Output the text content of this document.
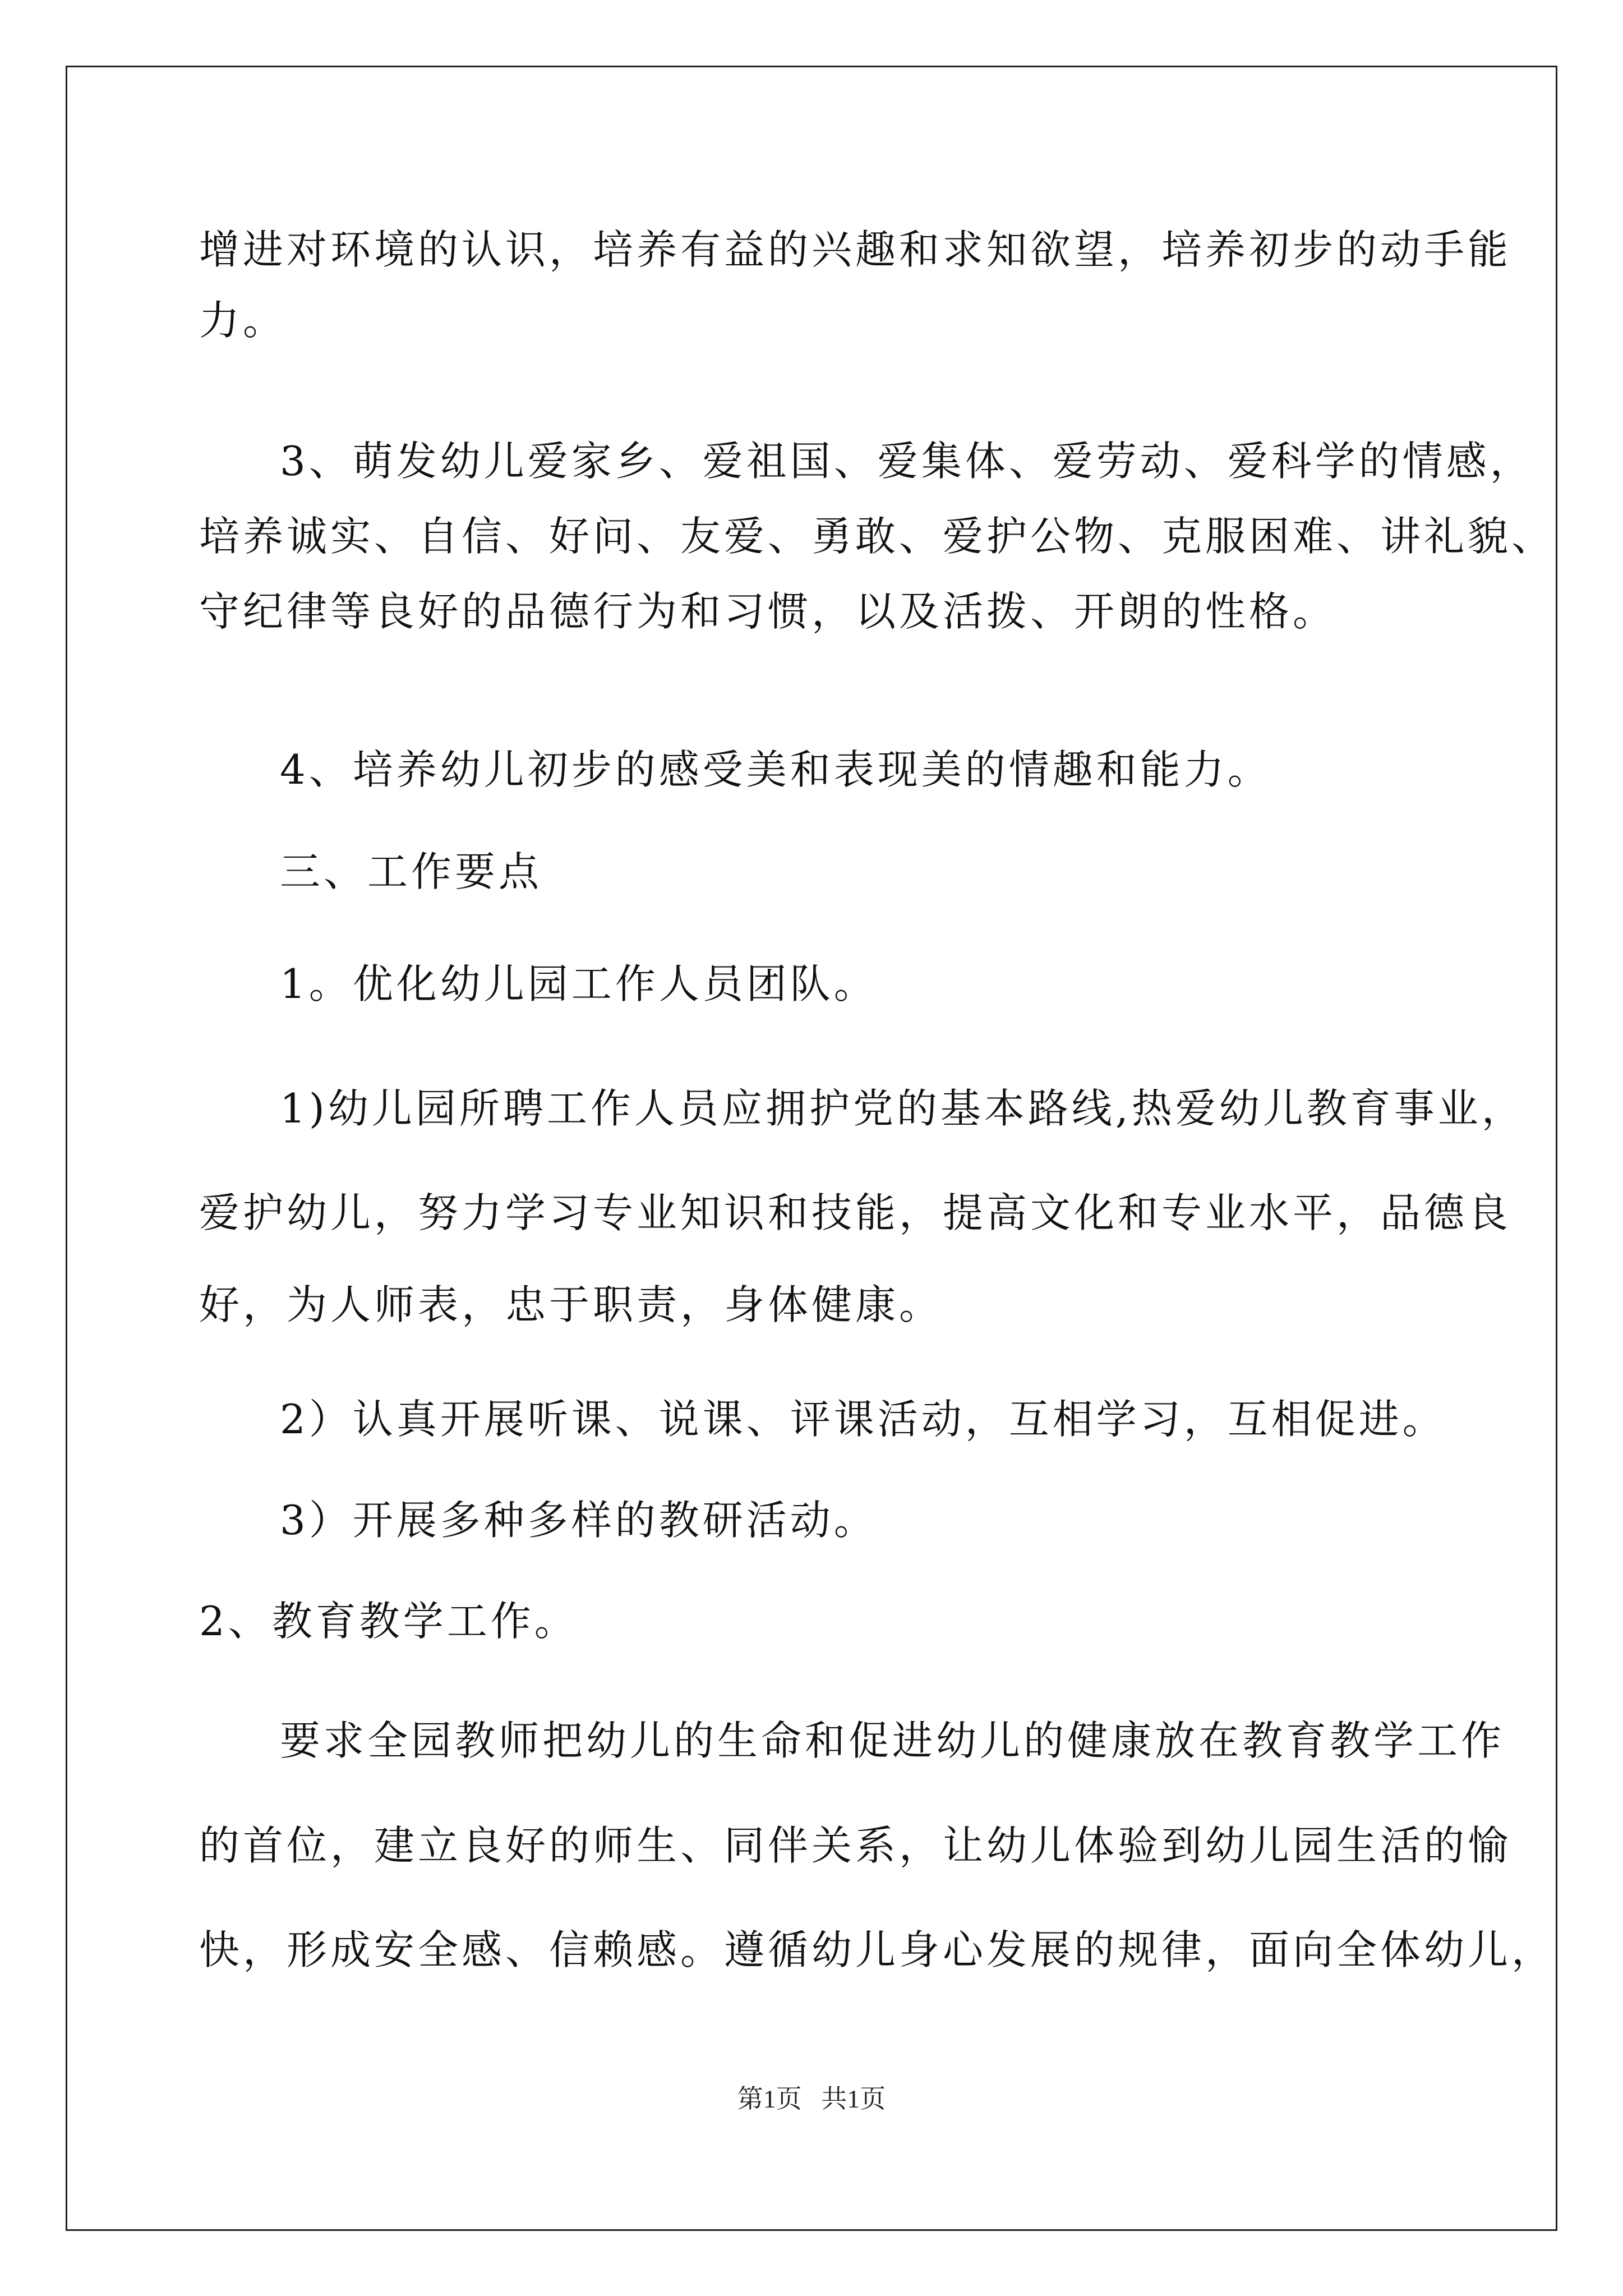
增进对环境的认识，培养有益的兴趣和求知欲望，培养初步的动手能
力。
3、萌发幼儿爱家乡、爱祖国、爱集体、爱劳动、爱科学的情感，
培养诚实、自信、好问、友爱、勇敢、爱护公物、克服困难、讲礼貌、
守纪律等良好的品德行为和习惯，以及活拨、开朗的性格。
4、培养幼儿初步的感受美和表现美的情趣和能力。
三、工作要点
1。优化幼儿园工作人员团队。
1)幼儿园所聘工作人员应拥护党的基本路线,热爱幼儿教育事业，
爱护幼儿，努力学习专业知识和技能，提高文化和专业水平，品德良
好，为人师表，忠于职责，身体健康。
2）认真开展听课、说课、评课活动，互相学习，互相促进。
3）开展多种多样的教研活动。
2、教育教学工作。
要求全园教师把幼儿的生命和促进幼儿的健康放在教育教学工作
的首位，建立良好的师生、同伴关系，让幼儿体验到幼儿园生活的愉
快，形成安全感、信赖感。遵循幼儿身心发展的规律，面向全体幼儿，
第1页   共1页
